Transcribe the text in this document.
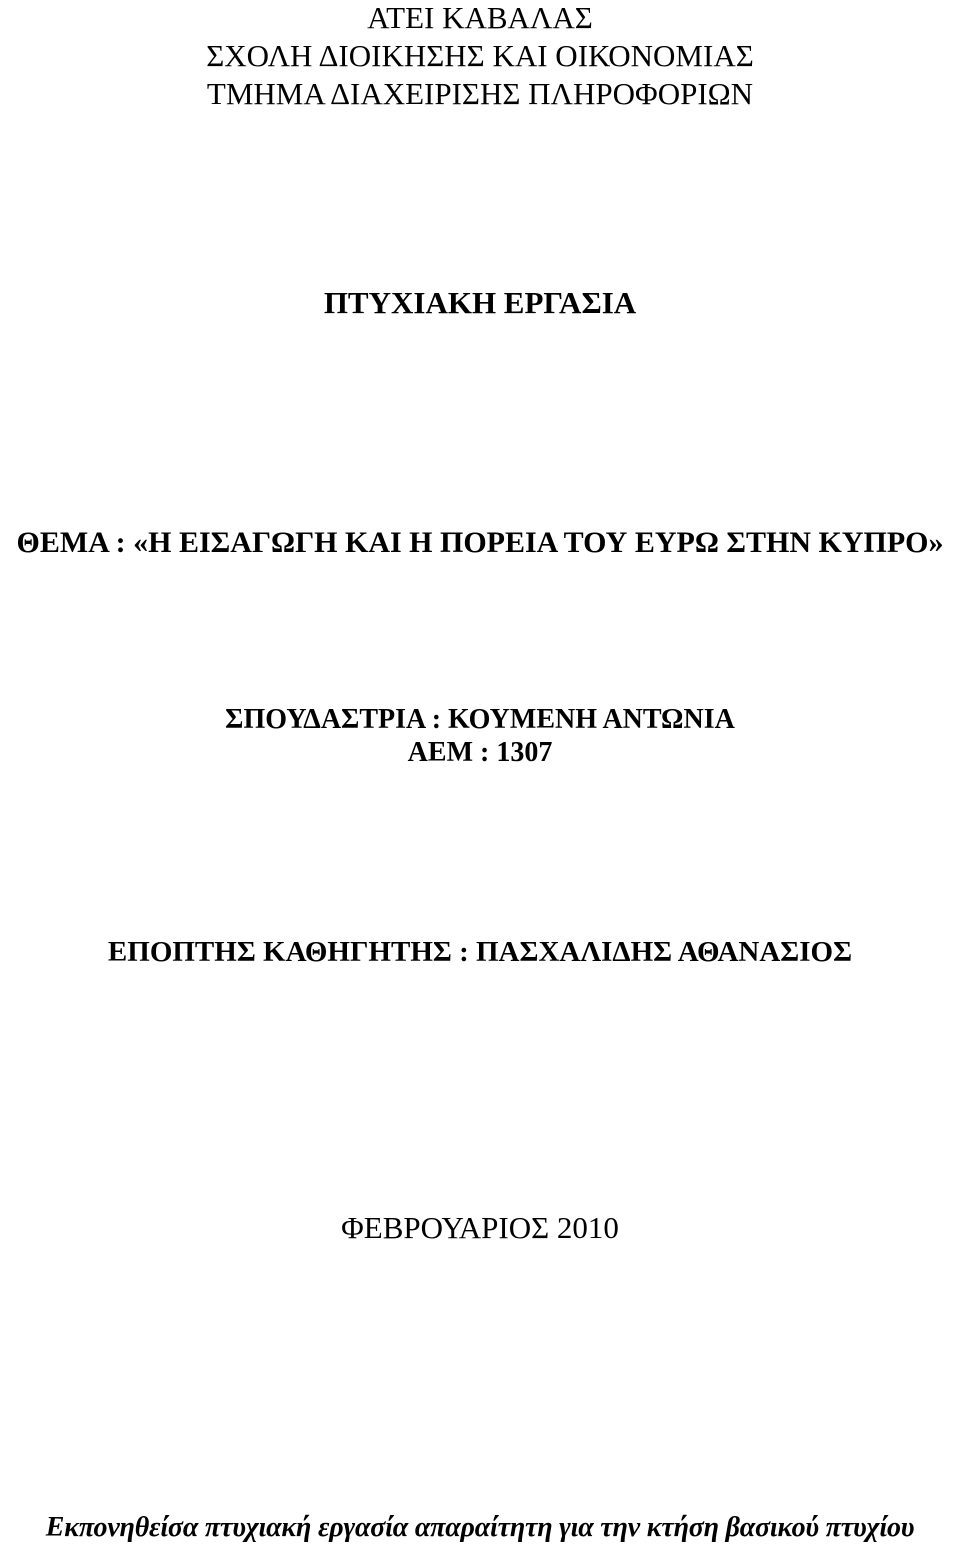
ΑΤΕΙ ΚΑΒΑΛΑΣ
ΣΧΟΛΗ ΔΙΟΙΚΗΣΗΣ ΚΑΙ ΟΙΚΟΝΟΜΙΑΣ
ΤΜΗΜΑ ΔΙΑΧΕΙΡΙΣΗΣ ΠΛΗΡΟΦΟΡΙΩΝ
ΠΤΥΧΙΑΚΗ ΕΡΓΑΣΙΑ
ΘΕΜΑ : «Η ΕΙΣΑΓΩΓΗ ΚΑΙ Η ΠΟΡΕΙΑ ΤΟΥ ΕΥΡΩ ΣΤΗΝ ΚΥΠΡΟ»
ΣΠΟΥΔΑΣΤΡΙΑ : ΚΟΥΜΕΝΗ ΑΝΤΩΝΙΑ
ΑΕΜ : 1307
ΕΠΟΠΤΗΣ ΚΑΘΗΓΗΤΗΣ : ΠΑΣΧΑΛΙΔΗΣ ΑΘΑΝΑΣΙΟΣ
ΦΕΒΡΟΥΑΡΙΟΣ 2010
Εκπονηθείσα πτυχιακή εργασία απαραίτητη για την κτήση βασικού πτυχίου
